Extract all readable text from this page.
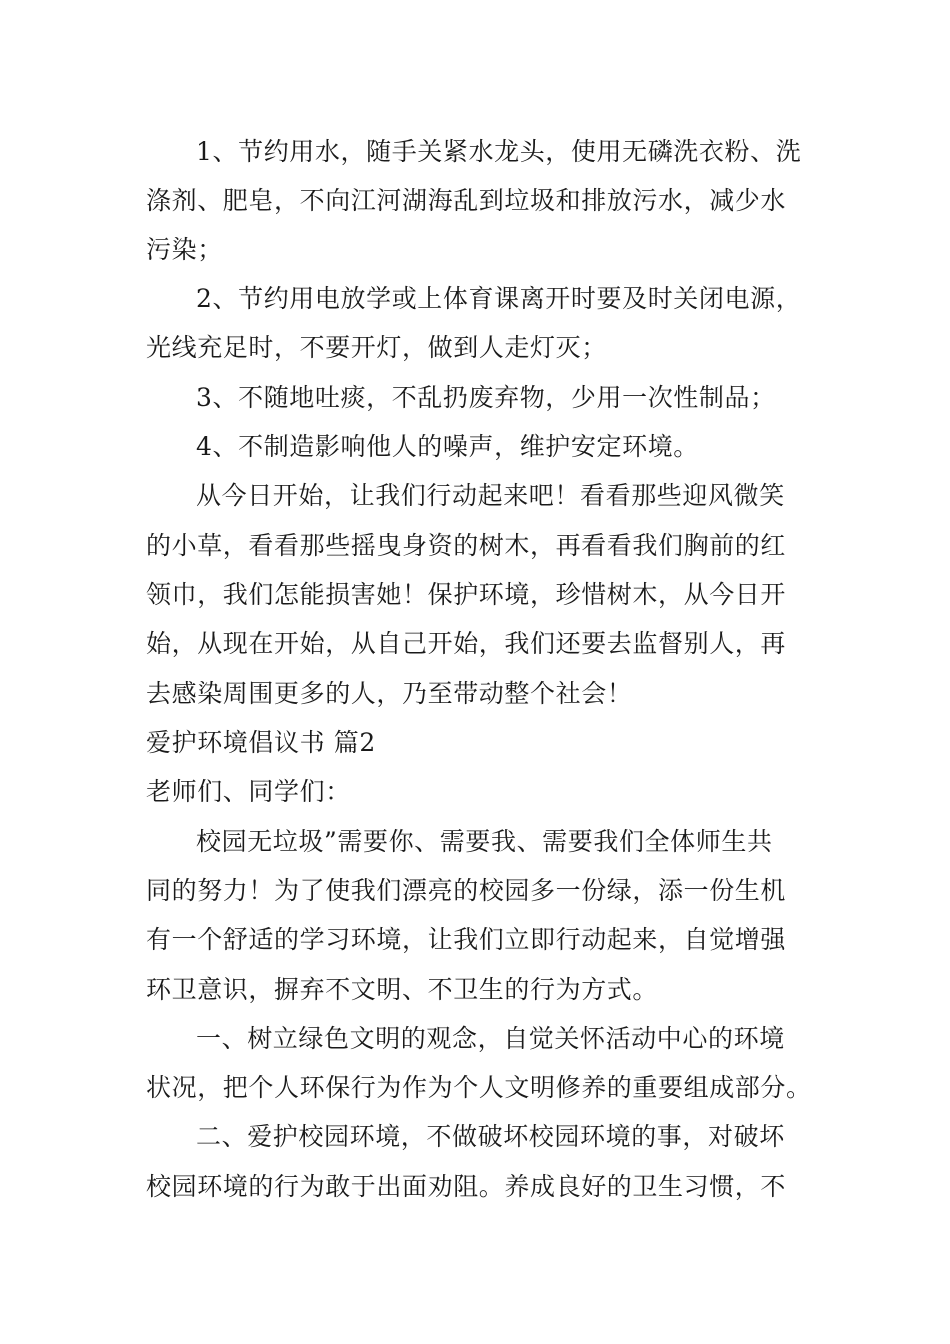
1、节约用水，随手关紧水龙头，使用无磷洗衣粉、洗
涤剂、肥皂，不向江河湖海乱到垃圾和排放污水，减少水
污染；
2、节约用电放学或上体育课离开时要及时关闭电源，
光线充足时，不要开灯，做到人走灯灭；
3、不随地吐痰，不乱扔废弃物，少用一次性制品；
4、不制造影响他人的噪声，维护安定环境。
从今日开始，让我们行动起来吧！看看那些迎风微笑
的小草，看看那些摇曳身资的树木，再看看我们胸前的红
领巾，我们怎能损害她！保护环境，珍惜树木，从今日开
始，从现在开始，从自己开始，我们还要去监督别人，再
去感染周围更多的人，乃至带动整个社会！
爱护环境倡议书 篇2
老师们、同学们：
校园无垃圾”需要你、需要我、需要我们全体师生共
同的努力！为了使我们漂亮的校园多一份绿，添一份生机
有一个舒适的学习环境，让我们立即行动起来，自觉增强
环卫意识，摒弃不文明、不卫生的行为方式。
一、树立绿色文明的观念，自觉关怀活动中心的环境
状况，把个人环保行为作为个人文明修养的重要组成部分。
二、爱护校园环境，不做破坏校园环境的事，对破坏
校园环境的行为敢于出面劝阻。养成良好的卫生习惯，不
